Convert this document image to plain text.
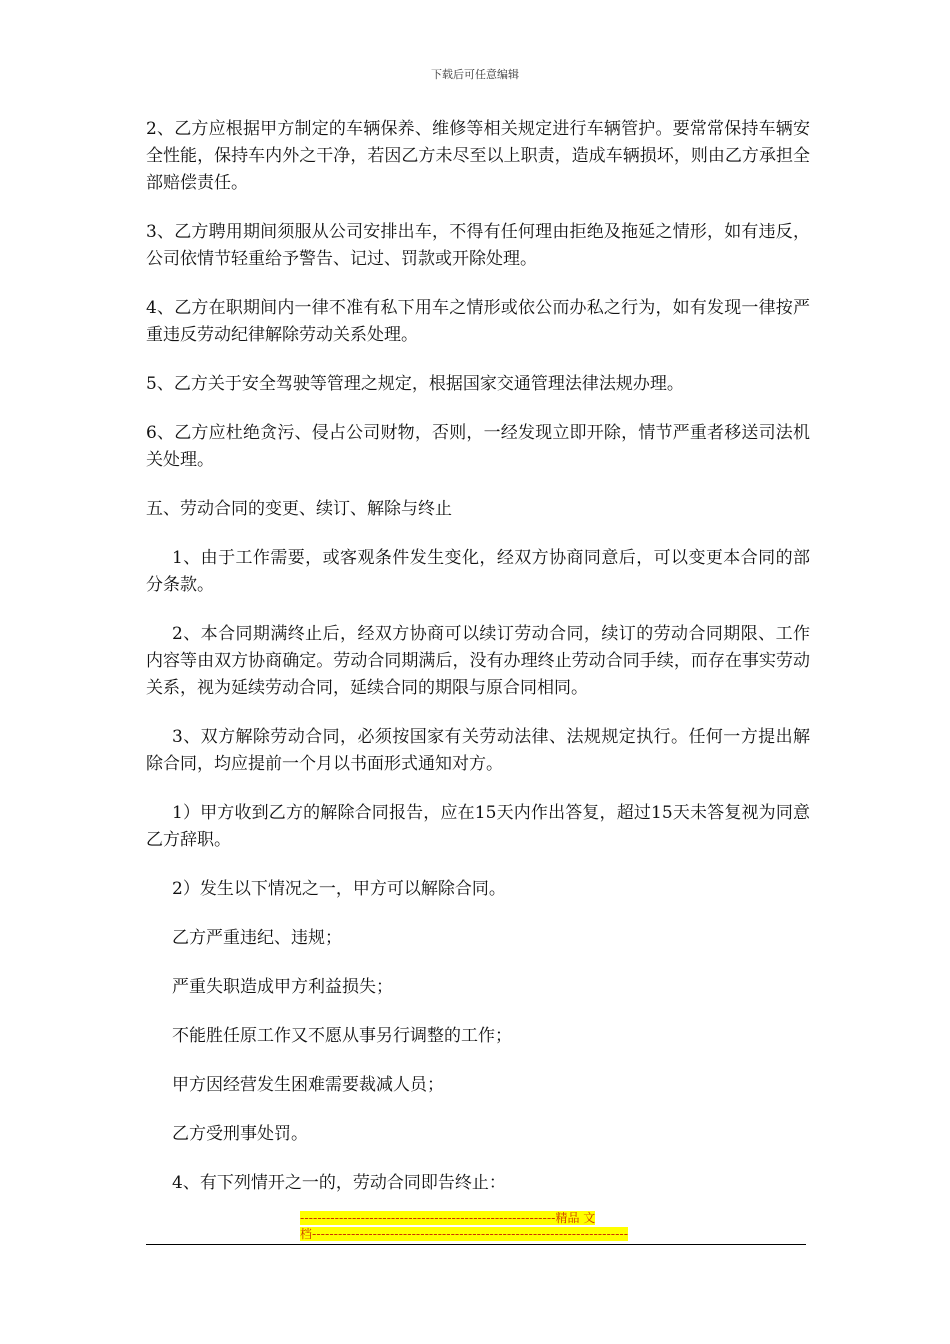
下载后可任意编辑

2、乙方应根据甲方制定的车辆保养、维修等相关规定进行车辆管护。要常常保持车辆安全性能，保持车内外之干净，若因乙方未尽至以上职责，造成车辆损坏，则由乙方承担全部赔偿责任。

3、乙方聘用期间须服从公司安排出车，不得有任何理由拒绝及拖延之情形，如有违反，公司依情节轻重给予警告、记过、罚款或开除处理。

4、乙方在职期间内一律不准有私下用车之情形或依公而办私之行为，如有发现一律按严重违反劳动纪律解除劳动关系处理。

5、乙方关于安全驾驶等管理之规定，根据国家交通管理法律法规办理。

6、乙方应杜绝贪污、侵占公司财物，否则，一经发现立即开除，情节严重者移送司法机关处理。

五、劳动合同的变更、续订、解除与终止

1、由于工作需要，或客观条件发生变化，经双方协商同意后，可以变更本合同的部分条款。

2、本合同期满终止后，经双方协商可以续订劳动合同，续订的劳动合同期限、工作内容等由双方协商确定。劳动合同期满后，没有办理终止劳动合同手续，而存在事实劳动关系，视为延续劳动合同，延续合同的期限与原合同相同。

3、双方解除劳动合同，必须按国家有关劳动法律、法规规定执行。任何一方提出解除合同，均应提前一个月以书面形式通知对方。

1）甲方收到乙方的解除合同报告，应在15天内作出答复，超过15天未答复视为同意乙方辞职。

2）发生以下情况之一，甲方可以解除合同。

乙方严重违纪、违规；

严重失职造成甲方利益损失；

不能胜任原工作又不愿从事另行调整的工作；

甲方因经营发生困难需要裁减人员；

乙方受刑事处罚。

4、有下列情开之一的，劳动合同即告终止：

-----------------------------------------------------------精品 文
档-------------------------------------------------------------------------
